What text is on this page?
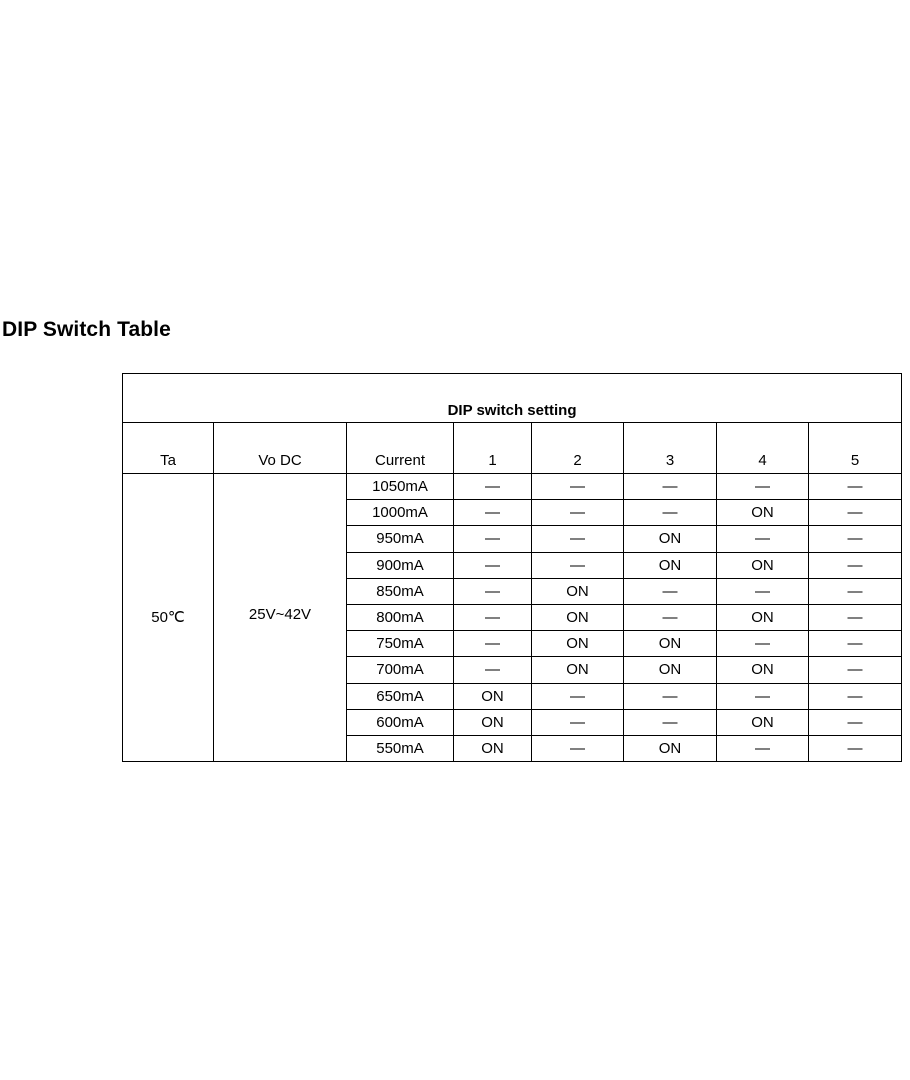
DIP Switch Table
DIP switch setting							
Ta	Vo DC	Current	1	2	3	4	5
50℃	25V~42V	1050mA	—	—	—	—	—
		1000mA	—	—	—	ON	—
		950mA	—	—	ON	—	—
		900mA	—	—	ON	ON	—
		850mA	—	ON	—	—	—
		800mA	—	ON	—	ON	—
		750mA	—	ON	ON	—	—
		700mA	—	ON	ON	ON	—
		650mA	ON	—	—	—	—
		600mA	ON	—	—	ON	—
		550mA	ON	—	ON	—	—
